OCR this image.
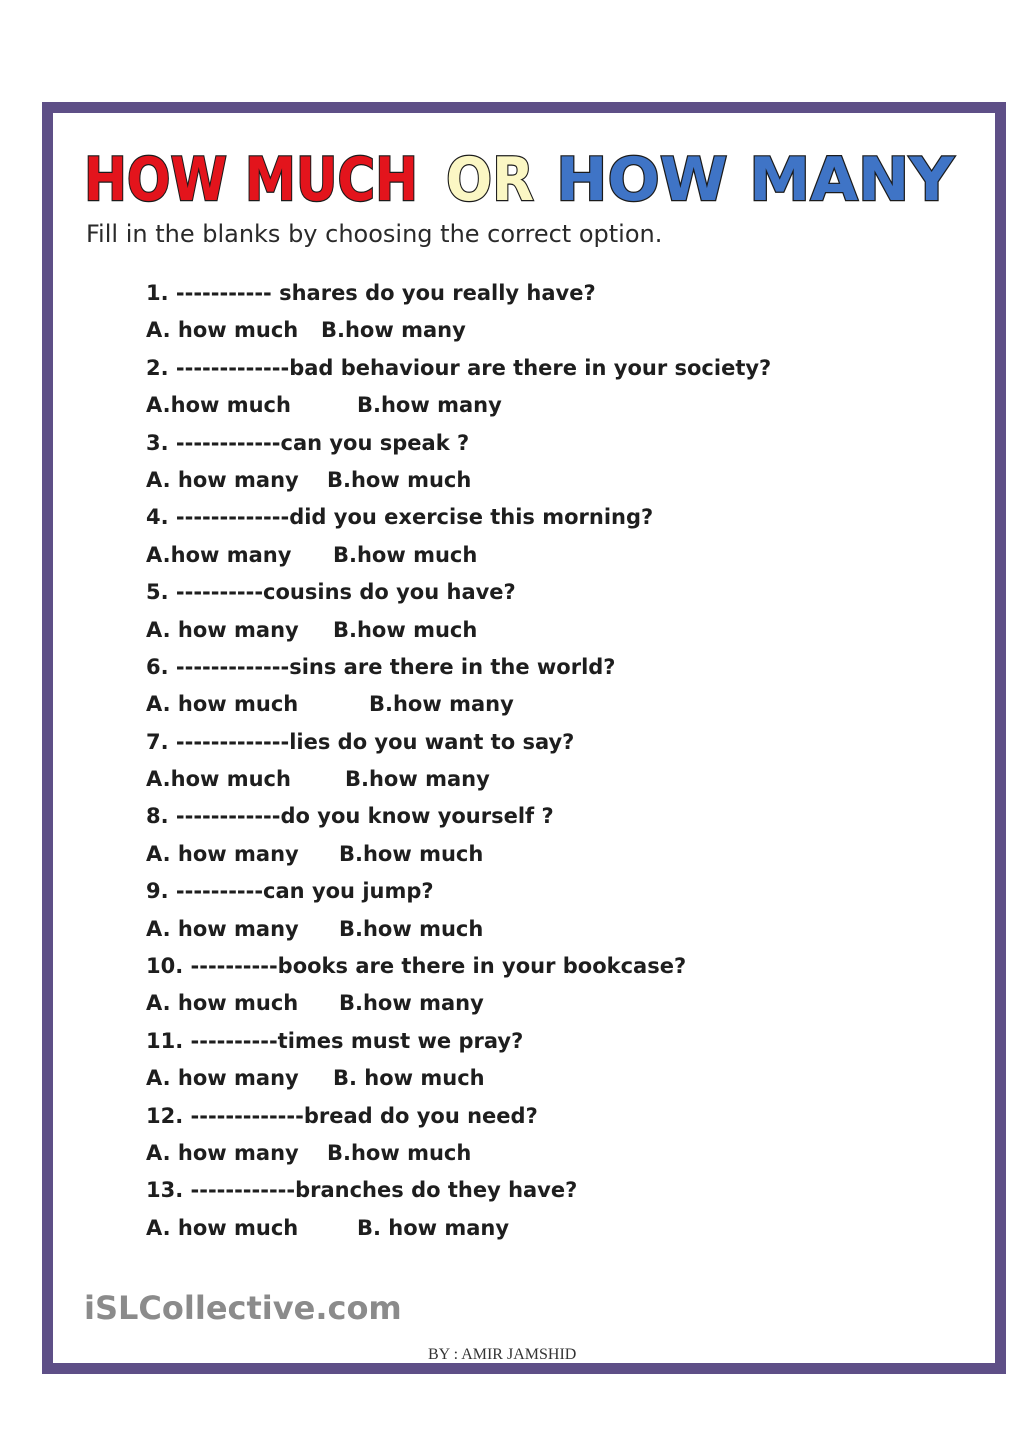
HOW MUCH OR HOW MANY
Fill in the blanks by choosing the correct option.
1. ----------- shares do you really have?
A. how much B.how many
2. -------------bad behaviour are there in your society?
A.how much	B.how many
3. ------------can you speak ?
A. how many B.how much
4. -------------did you exercise this morning?
A.how many B.how much
5. ----------cousins do you have?
A. how many B.how much
6. -------------sins are there in the world?
A. how much	B.how many
7. -------------lies do you want to say?
A.how much	B.how many
8. ------------do you know yourself ?
A. how many B.how much
9. ----------can you jump?
A. how many B.how much
10. ----------books are there in your bookcase?
A. how much B.how many
11. ----------times must we pray?
A. how many B. how much
12. -------------bread do you need?
A. how many B.how much
13. ------------branches do they have?
A. how much	B. how many
iSLCollective.com
BY : AMIR JAMSHID
